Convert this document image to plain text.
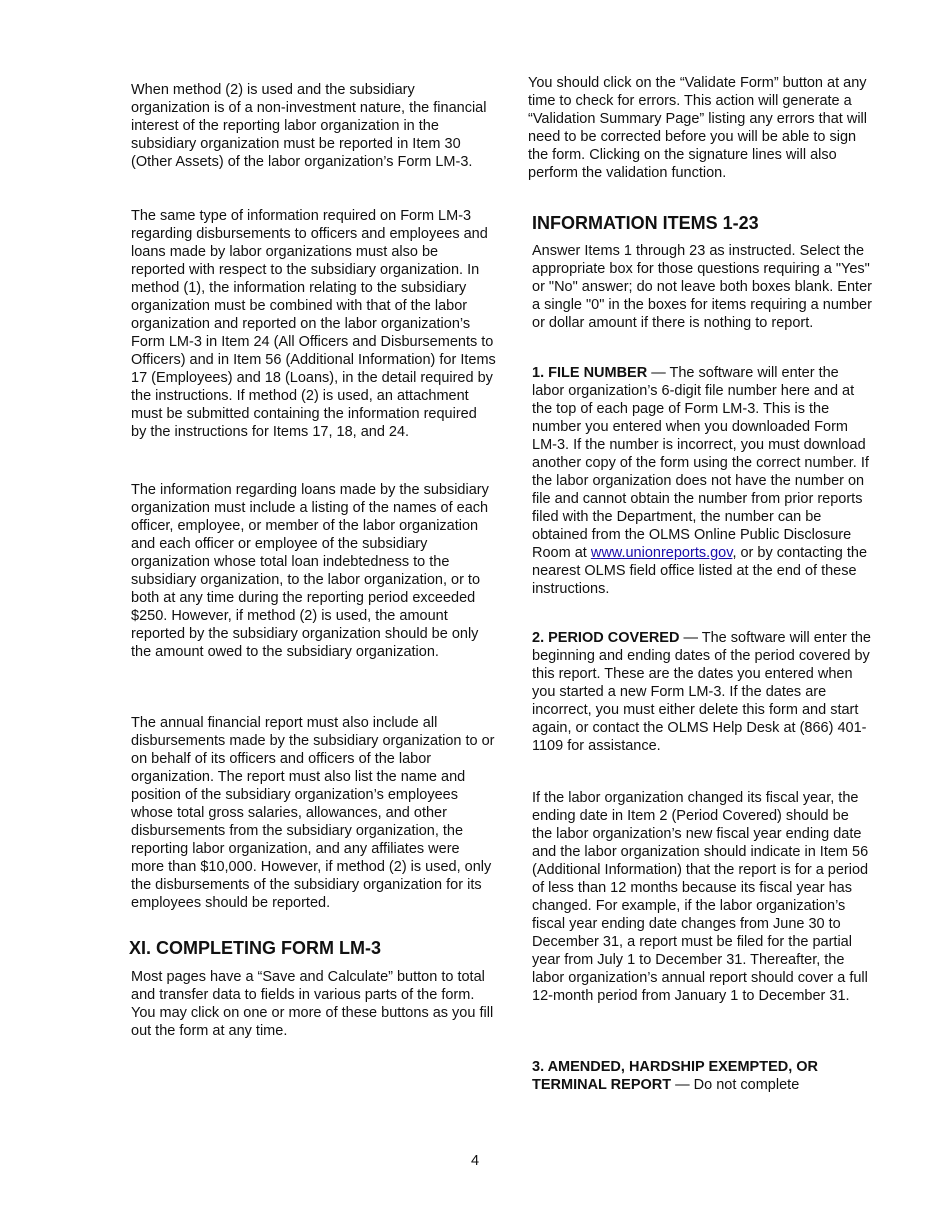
When method (2) is used and the subsidiary organization is of a non-investment nature, the financial interest of the reporting labor organization in the subsidiary organization must be reported in Item 30 (Other Assets) of the labor organization’s Form LM-3.

The same type of information required on Form LM-3 regarding disbursements to officers and employees and loans made by labor organizations must also be reported with respect to the subsidiary organization. In method (1), the information relating to the subsidiary organization must be combined with that of the labor organization and reported on the labor organization’s Form LM-3 in Item 24 (All Officers and Disbursements to Officers) and in Item 56 (Additional Information) for Items 17 (Employees) and 18 (Loans), in the detail required by the instructions. If method (2) is used, an attachment must be submitted containing the information required by the instructions for Items 17, 18, and 24.

The information regarding loans made by the subsidiary organization must include a listing of the names of each officer, employee, or member of the labor organization and each officer or employee of the subsidiary organization whose total loan indebtedness to the subsidiary organization, to the labor organization, or to both at any time during the reporting period exceeded

$250. However, if method (2) is used, the amount reported by the subsidiary organization should be only the amount owed to the subsidiary organization.

The annual financial report must also include all disbursements made by the subsidiary organization to or on behalf of its officers and officers of the labor organization. The report must also list the name and position of the subsidiary organization’s employees whose total gross salaries, allowances, and other disbursements from the subsidiary organization, the reporting labor organization, and any affiliates were more than $10,000. However, if method (2) is used, only the disbursements of the subsidiary organization for its employees should be reported.

XI. COMPLETING FORM LM-3

Most pages have a “Save and Calculate” button to total and transfer data to fields in various parts of the form. You may click on one or more of these buttons as you fill out the form at any time.

You should click on the “Validate Form” button at any time to check for errors. This action will generate a “Validation Summary Page” listing any errors that will need to be corrected before you will be able to sign the form. Clicking on the signature lines will also perform the validation function.

INFORMATION ITEMS 1-23

Answer Items 1 through 23 as instructed. Select the appropriate box for those questions requiring a "Yes" or "No" answer; do not leave both boxes blank. Enter a single "0" in the boxes for items requiring a number or dollar amount if there is nothing to report.

1. FILE NUMBER — The software will enter the labor organization’s 6-digit file number here and at the top of each page of Form LM-3. This is the number you entered when you downloaded Form LM-3. If the number is incorrect, you must download another copy of the form using the correct number. If the labor organization does not have the number on file and cannot obtain the number from prior reports filed with the Department, the number can be obtained from the OLMS Online Public Disclosure Room at www.unionreports.gov, or by contacting the nearest OLMS field office listed at the end of these instructions.

2. PERIOD COVERED — The software will enter the beginning and ending dates of the period covered by this report. These are the dates you entered when you started a new Form LM-3. If the dates are incorrect, you must either delete this form and start again, or contact the OLMS Help Desk at (866) 401-1109 for assistance.

If the labor organization changed its fiscal year, the ending date in Item 2 (Period Covered) should be the labor organization’s new fiscal year ending date and the labor organization should indicate in Item 56 (Additional Information) that the report is for a period of less than 12 months because its fiscal year has changed. For example, if the labor organization’s fiscal year ending date changes from June 30 to December 31, a report must be filed for the partial year from July 1 to December 31. Thereafter, the labor organization’s annual report should cover a full 12-month period from January 1 to December 31.

3. AMENDED, HARDSHIP EXEMPTED, OR TERMINAL REPORT — Do not complete

4
